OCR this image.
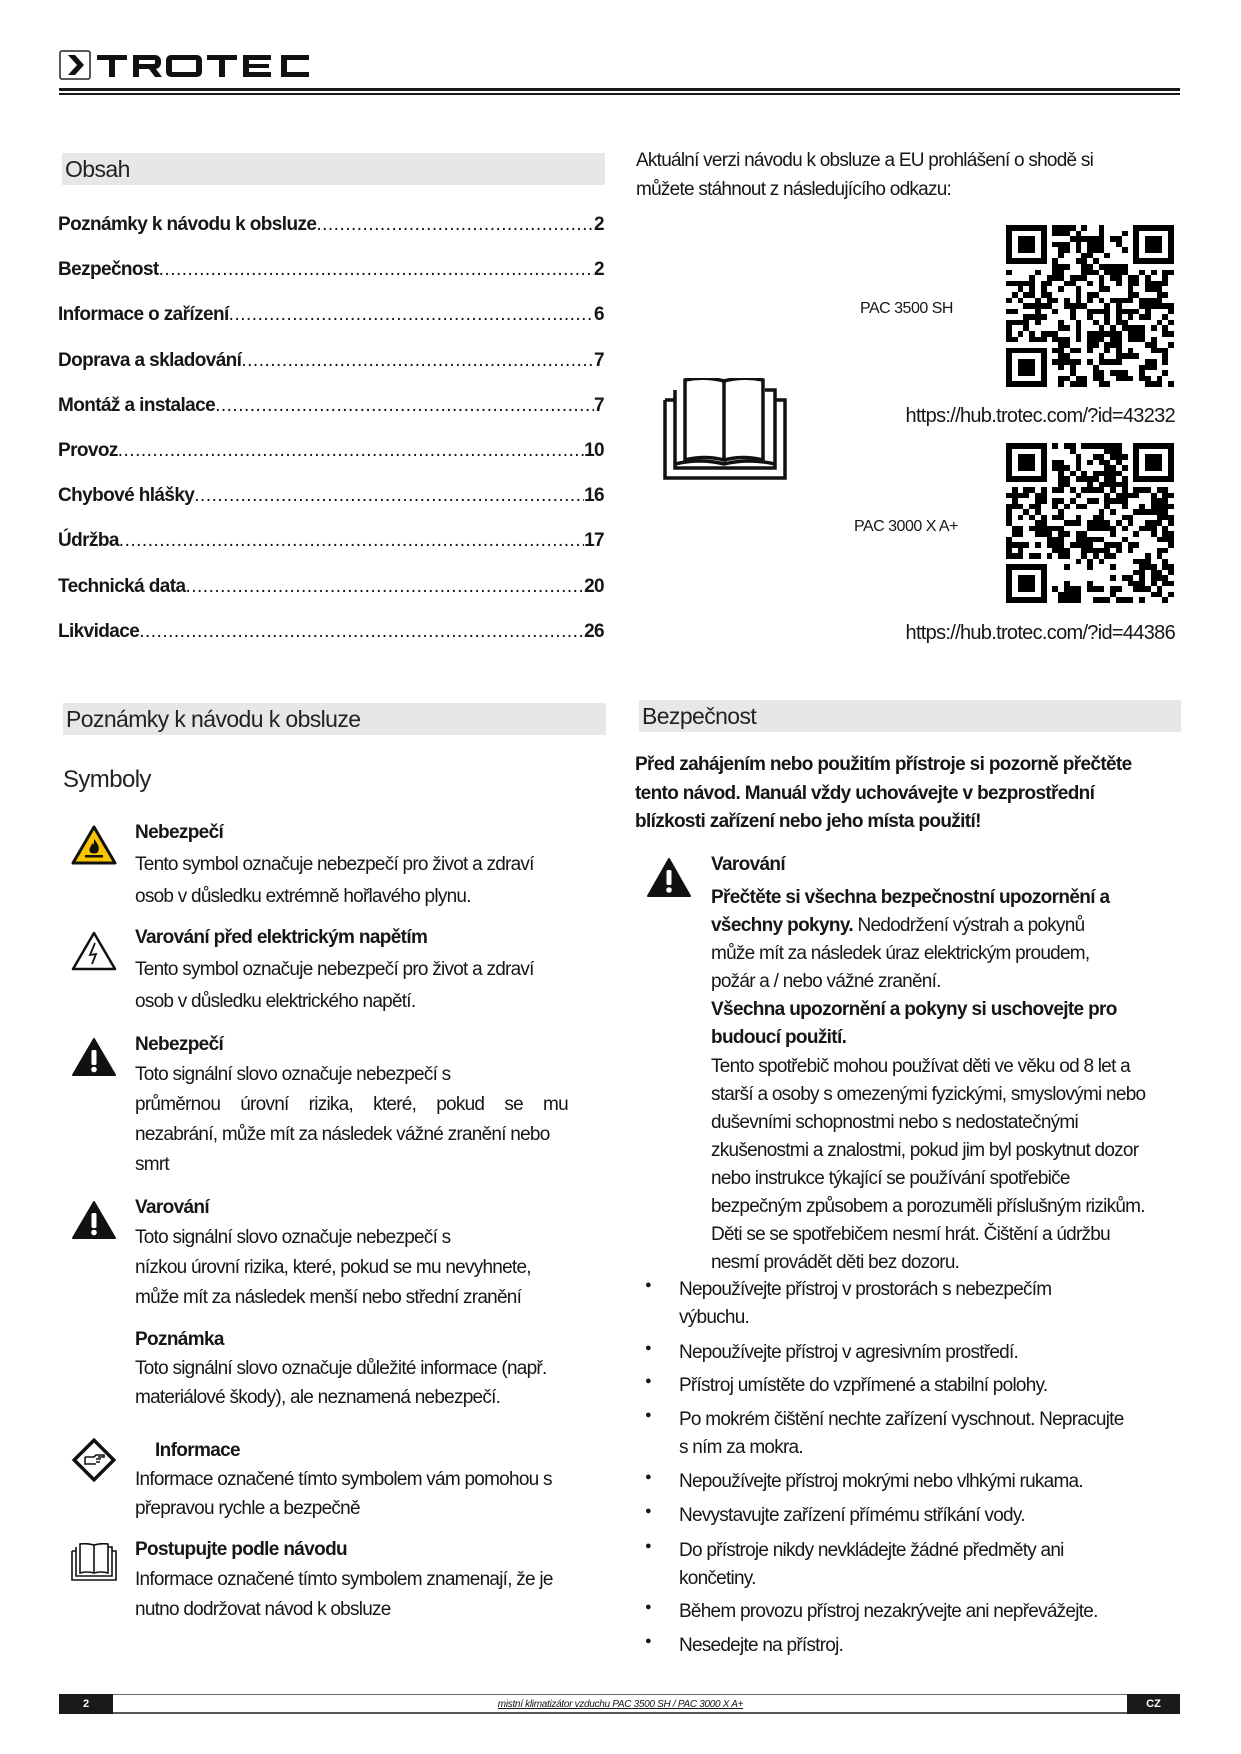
Obsah
Poznámky k návodu k obsluze .....	2
Bezpečnost .....	2
Informace o zařízení .....	6
Doprava a skladování .....	7
Montáž a instalace .....	7
Provoz .....	10
Chybové hlášky .....	16
Údržba .....	17
Technická data .....	20
Likvidace .....	26
Aktuální verzi návodu k obsluze a EU prohlášení o shodě si
můžete stáhnout z následujícího odkazu:
PAC 3500 SH
https://hub.trotec.com/?id=43232
PAC 3000 X A+
https://hub.trotec.com/?id=44386
Poznámky k návodu k obsluze
Symboly
Nebezpečí
Tento symbol označuje nebezpečí pro život a zdraví
osob v důsledku extrémně hořlavého plynu.
Varování před elektrickým napětím
Tento symbol označuje nebezpečí pro život a zdraví
osob v důsledku elektrického napětí.
Nebezpečí
Toto signální slovo označuje nebezpečí s
průměrnou úrovní rizika, které, pokud se mu
nezabrání, může mít za následek vážné zranění nebo
smrt
Varování
Toto signální slovo označuje nebezpečí s
nízkou úrovní rizika, které, pokud se mu nevyhnete,
může mít za následek menší nebo střední zranění
Poznámka
Toto signální slovo označuje důležité informace (např.
materiálové škody), ale neznamená nebezpečí.
Informace
Informace označené tímto symbolem vám pomohou s
přepravou rychle a bezpečně
Postupujte podle návodu
Informace označené tímto symbolem znamenají, že je
nutno dodržovat návod k obsluze
Bezpečnost
Před zahájením nebo použitím přístroje si pozorně přečtěte
tento návod. Manuál vždy uchovávejte v bezprostřední
blízkosti zařízení nebo jeho místa použití!
Varování
Přečtěte si všechna bezpečnostní upozornění a
všechny pokyny. Nedodržení výstrah a pokynů
může mít za následek úraz elektrickým proudem,
požár a / nebo vážné zranění.
Všechna upozornění a pokyny si uschovejte pro
budoucí použití.
Tento spotřebič mohou používat děti ve věku od 8 let a
starší a osoby s omezenými fyzickými, smyslovými nebo
duševními schopnostmi nebo s nedostatečnými
zkušenostmi a znalostmi, pokud jim byl poskytnut dozor
nebo instrukce týkající se používání spotřebiče
bezpečným způsobem a porozuměli příslušným rizikům.
Děti se se spotřebičem nesmí hrát. Čištění a údržbu
nesmí provádět děti bez dozoru.
● Nepoužívejte přístroj v prostorách s nebezpečím
výbuchu.
● Nepoužívejte přístroj v agresivním prostředí.
● Přístroj umístěte do vzpřímené a stabilní polohy.
● Po mokrém čištění nechte zařízení vyschnout. Nepracujte
s ním za mokra.
● Nepoužívejte přístroj mokrými nebo vlhkými rukama.
● Nevystavujte zařízení přímému stříkání vody.
● Do přístroje nikdy nevkládejte žádné předměty ani
končetiny.
● Během provozu přístroj nezakrývejte ani nepřevážejte.
● Nesedejte na přístroj.
2	mistní klimatizátor vzduchu PAC 3500 SH / PAC 3000 X A+	CZ
